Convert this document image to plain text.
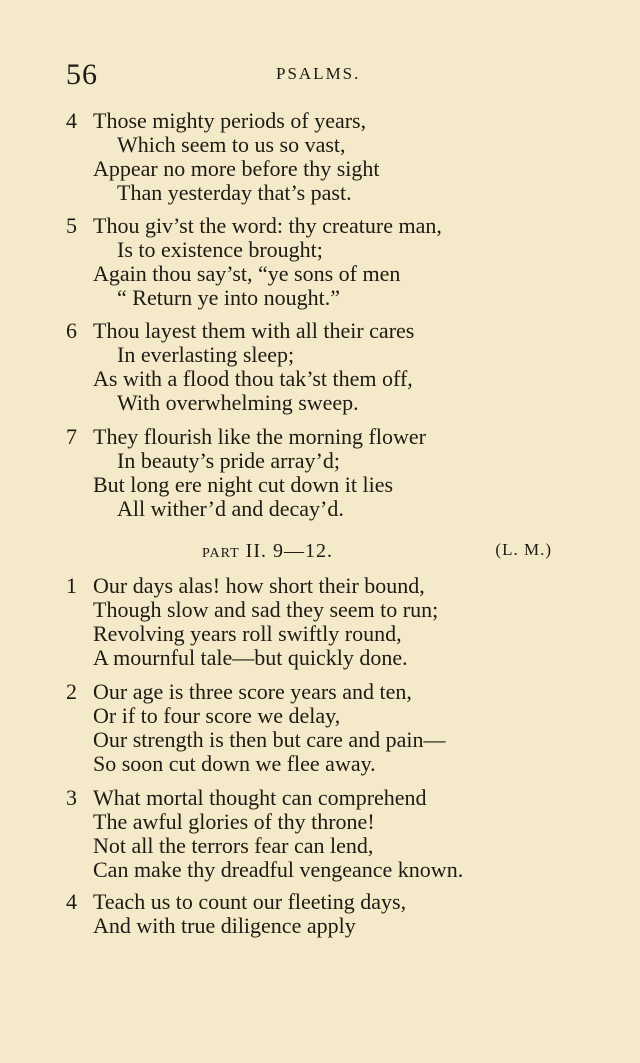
56	PSALMS.
4 Those mighty periods of years,
Which seem to us so vast,
Appear no more before thy sight
Than yesterday that’s past.
5 Thou giv’st the word: thy creature man,
Is to existence brought;
Again thou say’st, “ye sons of men
“ Return ye into nought.”
6 Thou layest them with all their cares
In everlasting sleep;
As with a flood thou tak’st them off,
With overwhelming sweep.
7 They flourish like the morning flower
In beauty’s pride array’d;
But long ere night cut down it lies
All wither’d and decay’d.
PART II. 9—12.	(L. M.)
1 Our days alas! how short their bound,
Though slow and sad they seem to run;
Revolving years roll swiftly round,
A mournful tale—but quickly done.
2 Our age is three score years and ten,
Or if to four score we delay,
Our strength is then but care and pain—
So soon cut down we flee away.
3 What mortal thought can comprehend
The awful glories of thy throne!
Not all the terrors fear can lend,
Can make thy dreadful vengeance known.
4 Teach us to count our fleeting days,
And with true diligence apply
